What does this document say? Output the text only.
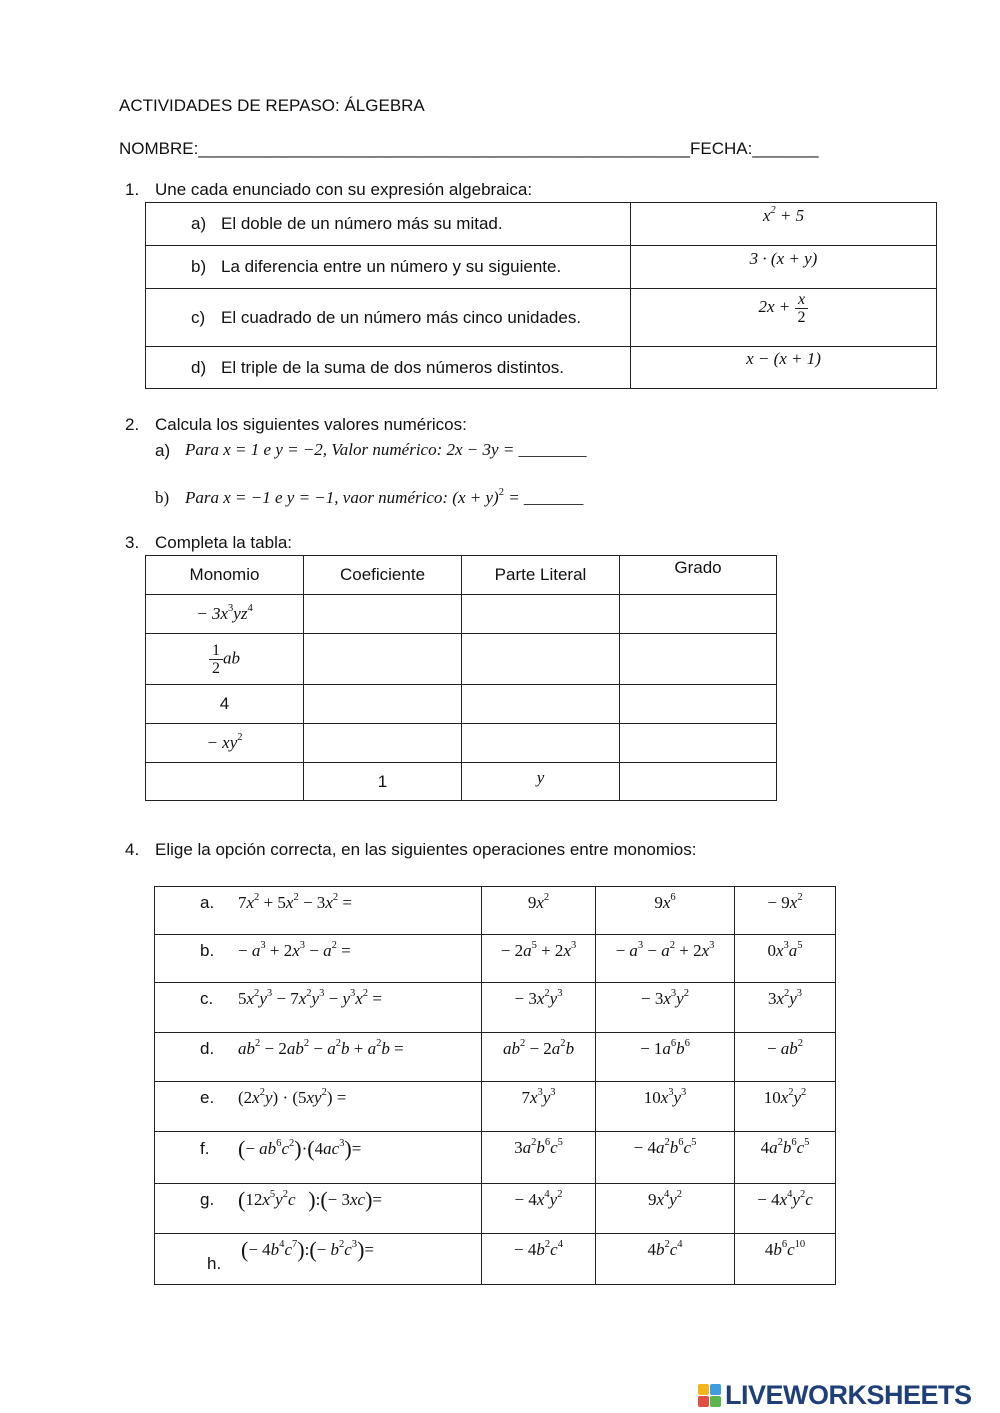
ACTIVIDADES DE REPASO: ÁLGEBRA
NOMBRE:____________________________________________________FECHA:_______
1. Une cada enunciado con su expresión algebraica:
a) El doble de un número más su mitad.	$x^2 + 5$
b) La diferencia entre un número y su siguiente.	3 · (x + y)
c) El cuadrado de un número más cinco unidades.	$2x + \frac{x}{2}$

d) El triple de la suma de dos números distintos.	x − (x + 1)
2. Calcula los siguientes valores numéricos:
a) Para x = 1 e y = −2, Valor numérico: 2x − 3y = ________
b) Para x = −1 e y = −1, vaor numérico: $(x + y)^2$ = _______
3. Completa la tabla:
Monomio	Coeficiente	Parte Literal	Grado
− $3x^3yz^4$			

$\frac{1}{2}$ ab			
4			
− $xy^2$			
	1	y	
4. Elige la opción correcta, en las siguientes operaciones entre monomios:
a. $7x^2 + 5x^2 - 3x^2$ =	$9x^2$	$9x^6$	− $9x^2$
b. − $a^3 + 2x^3 - a^2$ =	− $2a^5 + 2x^3$	− $a^3 - a^2 + 2x^3$	$0x^3a^5$
c. $5x^2y^3 - 7x^2y^3 - y^3x^2$ =	− $3x^2y^3$	− $3x^3y^2$	$3x^2y^3$
d. $ab^2 - 2ab^2 - a^2b + a^2b$ =	$ab^2 - 2a^2b$	− $1a^6b^6$	− $ab^2$
e. $(2x^2y) \cdot (5xy^2)$ =	$7x^3y^3$	$10x^3y^3$	$10x^2y^2$
f. (− $ab^6c^2)\cdot(4ac^3)=$	$3a^2b^6c^5$	− $4a^2b^6c^5$	$4a^2b^6c^5$
g. ($12x^5y^2c$ ):(− 3xc)=	− $4x^4y^2$	$9x^4y^2$	− $4x^4y^2c$
$h.(- 4b^4c^7):(- b^2c^3)=$	− $4b^2c^4$	$4b^2c^4$	$4b^6c^{10}$
LIVEWORKSHEETS
